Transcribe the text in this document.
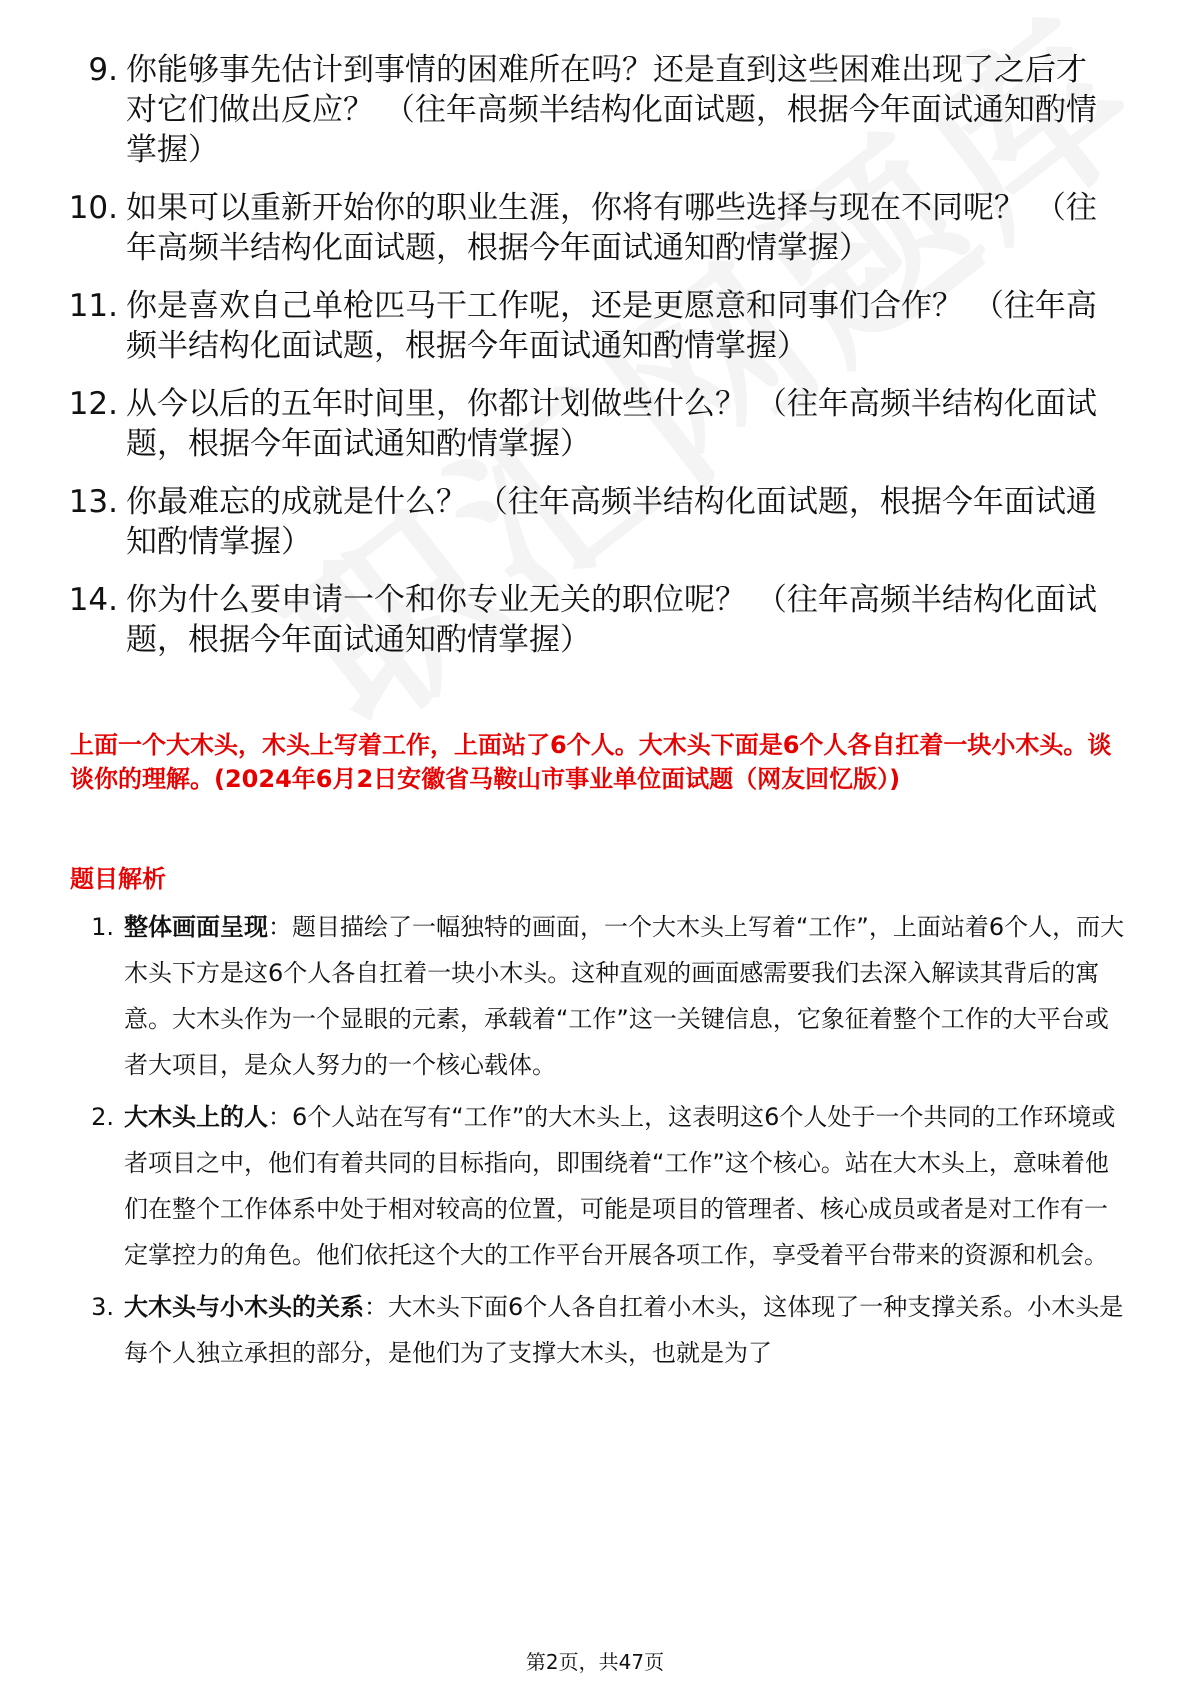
9. 你能够事先估计到事情的困难所在吗？还是直到这些困难出现了之后才对它们做出反应？ （往年高频半结构化面试题，根据今年面试通知酌情掌握）
10. 如果可以重新开始你的职业生涯，你将有哪些选择与现在不同呢？ （往年高频半结构化面试题，根据今年面试通知酌情掌握）
11. 你是喜欢自己单枪匹马干工作呢，还是更愿意和同事们合作？ （往年高频半结构化面试题，根据今年面试通知酌情掌握）
12. 从今以后的五年时间里，你都计划做些什么？ （往年高频半结构化面试题，根据今年面试通知酌情掌握）
13. 你最难忘的成就是什么？ （往年高频半结构化面试题，根据今年面试通知酌情掌握）
14. 你为什么要申请一个和你专业无关的职位呢？ （往年高频半结构化面试题，根据今年面试通知酌情掌握）
上面一个大木头，木头上写着工作，上面站了6个人。大木头下面是6个人各自扛着一块小木头。谈谈你的理解。(2024年6月2日安徽省马鞍山市事业单位面试题（网友回忆版）)
题目解析
1. 整体画面呈现：题目描绘了一幅独特的画面，一个大木头上写着“工作”，上面站着6个人，而大木头下方是这6个人各自扛着一块小木头。这种直观的画面感需要我们去深入解读其背后的寓意。大木头作为一个显眼的元素，承载着“工作”这一关键信息，它象征着整个工作的大平台或者大项目，是众人努力的一个核心载体。
2. 大木头上的人：6个人站在写有“工作”的大木头上，这表明这6个人处于一个共同的工作环境或者项目之中，他们有着共同的目标指向，即围绕着“工作”这个核心。站在大木头上，意味着他们在整个工作体系中处于相对较高的位置，可能是项目的管理者、核心成员或者是对工作有一定掌控力的角色。他们依托这个大的工作平台开展各项工作，享受着平台带来的资源和机会。
3. 大木头与小木头的关系：大木头下面6个人各自扛着小木头，这体现了一种支撑关系。小木头是每个人独立承担的部分，是他们为了支撑大木头，也就是为了
第2页，共47页
